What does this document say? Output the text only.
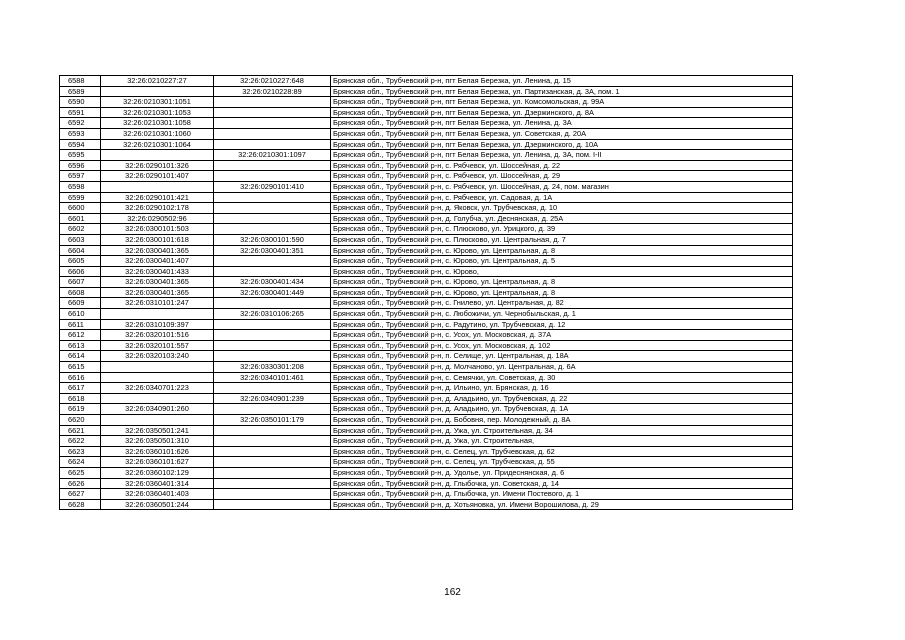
6588	32:26:0210227:27	32:26:0210227:648	Брянская обл., Трубчевский р-н, пгт Белая Березка, ул. Ленина, д. 15
6589		32:26:0210228:89	Брянская обл., Трубчевский р-н, пгт Белая Березка, ул. Партизанская, д. 3А, пом. 1
6590	32:26:0210301:1051		Брянская обл., Трубчевский р-н, пгт Белая Березка, ул. Комсомольская, д. 99А
6591	32:26:0210301:1053		Брянская обл., Трубчевский р-н, пгт Белая Березка, ул. Дзержинского, д. 8А
6592	32:26:0210301:1058		Брянская обл., Трубчевский р-н, пгт Белая Березка, ул. Ленина, д. 3А
6593	32:26:0210301:1060		Брянская обл., Трубчевский р-н, пгт Белая Березка, ул. Советская, д. 20А
6594	32:26:0210301:1064		Брянская обл., Трубчевский р-н, пгт Белая Березка, ул. Дзержинского, д. 10А
6595		32:26:0210301:1097	Брянская обл., Трубчевский р-н, пгт Белая Березка, ул. Ленина, д. 3А, пом. I-II
6596	32:26:0290101:326		Брянская обл., Трубчевский р-н, с. Рябчевск, ул. Шоссейная, д. 22
6597	32:26:0290101:407		Брянская обл., Трубчевский р-н, с. Рябчевск, ул. Шоссейная, д. 29
6598		32:26:0290101:410	Брянская обл., Трубчевский р-н, с. Рябчевск, ул. Шоссейная, д. 24, пом. магазин
6599	32:26:0290101:421		Брянская обл., Трубчевский р-н, с. Рябчевск, ул. Садовая, д. 1А
6600	32:26:0290102:178		Брянская обл., Трубчевский р-н, д. Яковск, ул. Трубчевская, д. 10
6601	32:26:0290502:96		Брянская обл., Трубчевский р-н, д. Голубча, ул. Деснянская, д. 25А
6602	32:26:0300101:503		Брянская обл., Трубчевский р-н, с. Плюсково, ул. Урицкого, д. 39
6603	32:26:0300101:618	32:26:0300101:590	Брянская обл., Трубчевский р-н, с. Плюсково, ул. Центральная, д. 7
6604	32:26:0300401:365	32:26:0300401:351	Брянская обл., Трубчевский р-н, с. Юрово, ул. Центральная, д. 8
6605	32:26:0300401:407		Брянская обл., Трубчевский р-н, с. Юрово, ул. Центральная, д. 5
6606	32:26:0300401:433		Брянская обл., Трубчевский р-н, с. Юрово,
6607	32:26:0300401:365	32:26:0300401:434	Брянская обл., Трубчевский р-н, с. Юрово, ул. Центральная, д. 8
6608	32:26:0300401:365	32:26:0300401:449	Брянская обл., Трубчевский р-н, с. Юрово, ул. Центральная, д. 8
6609	32:26:0310101:247		Брянская обл., Трубчевский р-н, с. Гнилево, ул. Центральная, д. 82
6610		32:26:0310106:265	Брянская обл., Трубчевский р-н, с. Любожичи, ул. Чернобыльская, д. 1
6611	32:26:0310109:397		Брянская обл., Трубчевский р-н, с. Радутино, ул. Трубчевская, д. 12
6612	32:26:0320101:516		Брянская обл., Трубчевский р-н, с. Усох, ул. Московская, д. 37А
6613	32:26:0320101:557		Брянская обл., Трубчевский р-н, с. Усох, ул. Московская, д. 102
6614	32:26:0320103:240		Брянская обл., Трубчевский р-н, п. Селище, ул. Центральная, д. 18А
6615		32:26:0330301:208	Брянская обл., Трубчевский р-н, д. Молчаново, ул. Центральная, д. 6А
6616		32:26:0340101:461	Брянская обл., Трубчевский р-н, с. Семячки, ул. Советская, д. 30
6617	32:26:0340701:223		Брянская обл., Трубчевский р-н, д. Ильино, ул. Брянская, д. 16
6618		32:26:0340901:239	Брянская обл., Трубчевский р-н, д. Аладьино, ул. Трубчевская, д. 22
6619	32:26:0340901:260		Брянская обл., Трубчевский р-н, д. Аладьино, ул. Трубчевская, д. 1А
6620		32:26:0350101:179	Брянская обл., Трубчевский р-н, д. Бобовня, пер. Молодежный, д. 8А
6621	32:26:0350501:241		Брянская обл., Трубчевский р-н, д. Ужа, ул. Строительная, д. 34
6622	32:26:0350501:310		Брянская обл., Трубчевский р-н, д. Ужа, ул. Строительная,
6623	32:26:0360101:626		Брянская обл., Трубчевский р-н, с. Селец, ул. Трубчевская, д. 62
6624	32:26:0360101:627		Брянская обл., Трубчевский р-н, с. Селец, ул. Трубчевская, д. 55
6625	32:26:0360102:129		Брянская обл., Трубчевский р-н, д. Удолье, ул. Придеснянская, д. 6
6626	32:26:0360401:314		Брянская обл., Трубчевский р-н, д. Глыбочка, ул. Советская, д. 14
6627	32:26:0360401:403		Брянская обл., Трубчевский р-н, д. Глыбочка, ул. Имени Постевого, д. 1
6628	32:26:0360501:244		Брянская обл., Трубчевский р-н, д. Хотьяновка, ул. Имени Ворошилова, д. 29
162
